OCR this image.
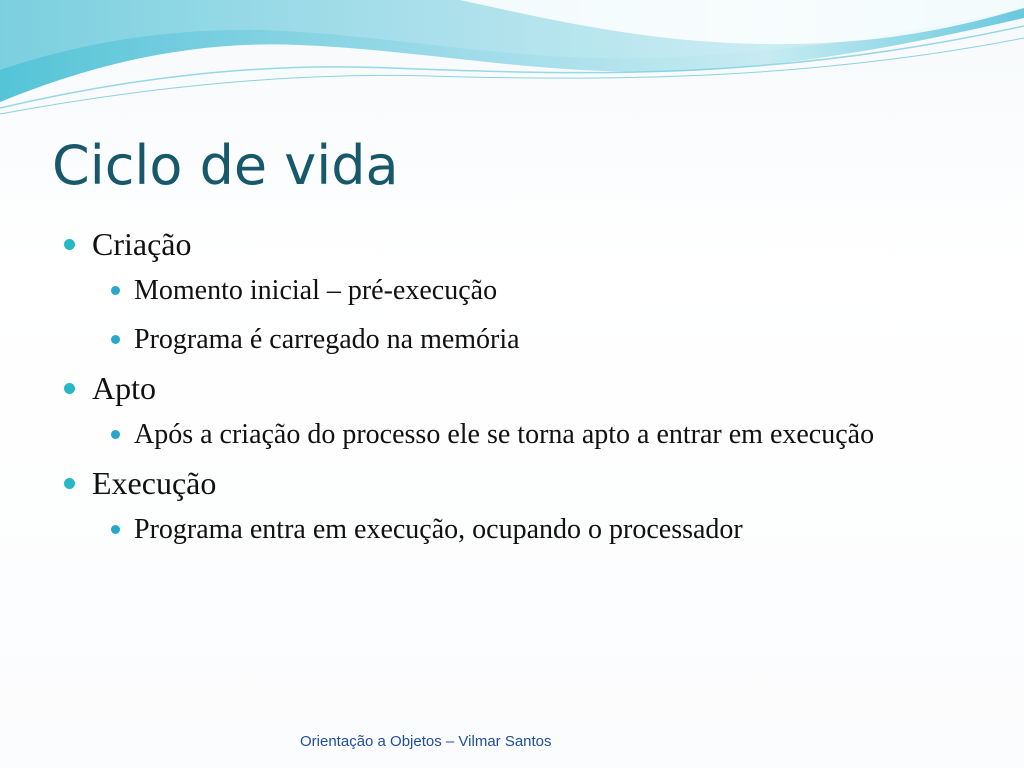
Ciclo de vida
Criação
Momento inicial – pré-execução
Programa é carregado na memória
Apto
Após a criação do processo ele se torna apto a entrar em execução
Execução
Programa entra em execução, ocupando o processador
Orientação a Objetos – Vilmar Santos
